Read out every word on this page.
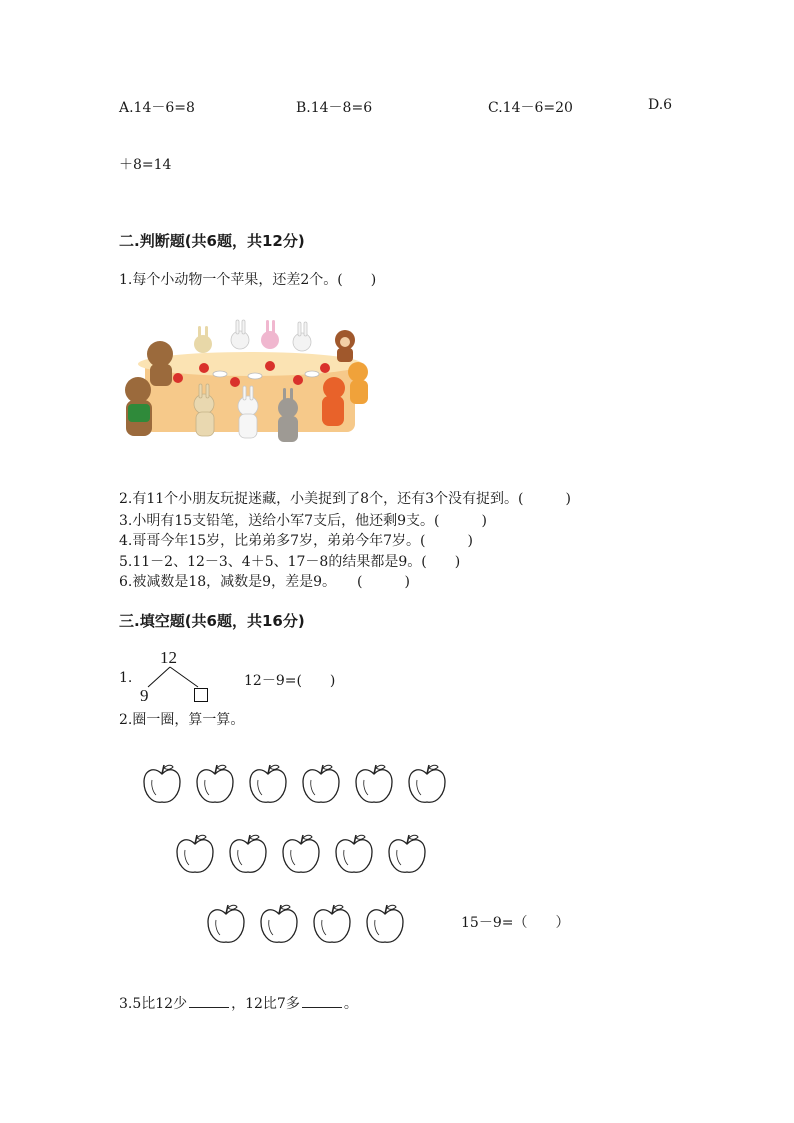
A.14－6=8	B.14－8=6	C.14－6=20	D.6
＋8=14
二.判断题(共6题，共12分)
1.每个小动物一个苹果，还差2个。(　　)
2.有11个小朋友玩捉迷藏，小美捉到了8个，还有3个没有捉到。(　　　)
3.小明有15支铅笔，送给小军7支后，他还剩9支。(　　　)
4.哥哥今年15岁，比弟弟多7岁，弟弟今年7岁。(　　　)
5.11－2、12－3、4＋5、17－8的结果都是9。(　　)
6.被减数是18，减数是9，差是9。　　(　　　)
三.填空题(共6题，共16分)
1.
12
9
12－9=(　　)
2.圈一圈，算一算。
15－9=（　　）
3.5比12少	，12比7多	。
